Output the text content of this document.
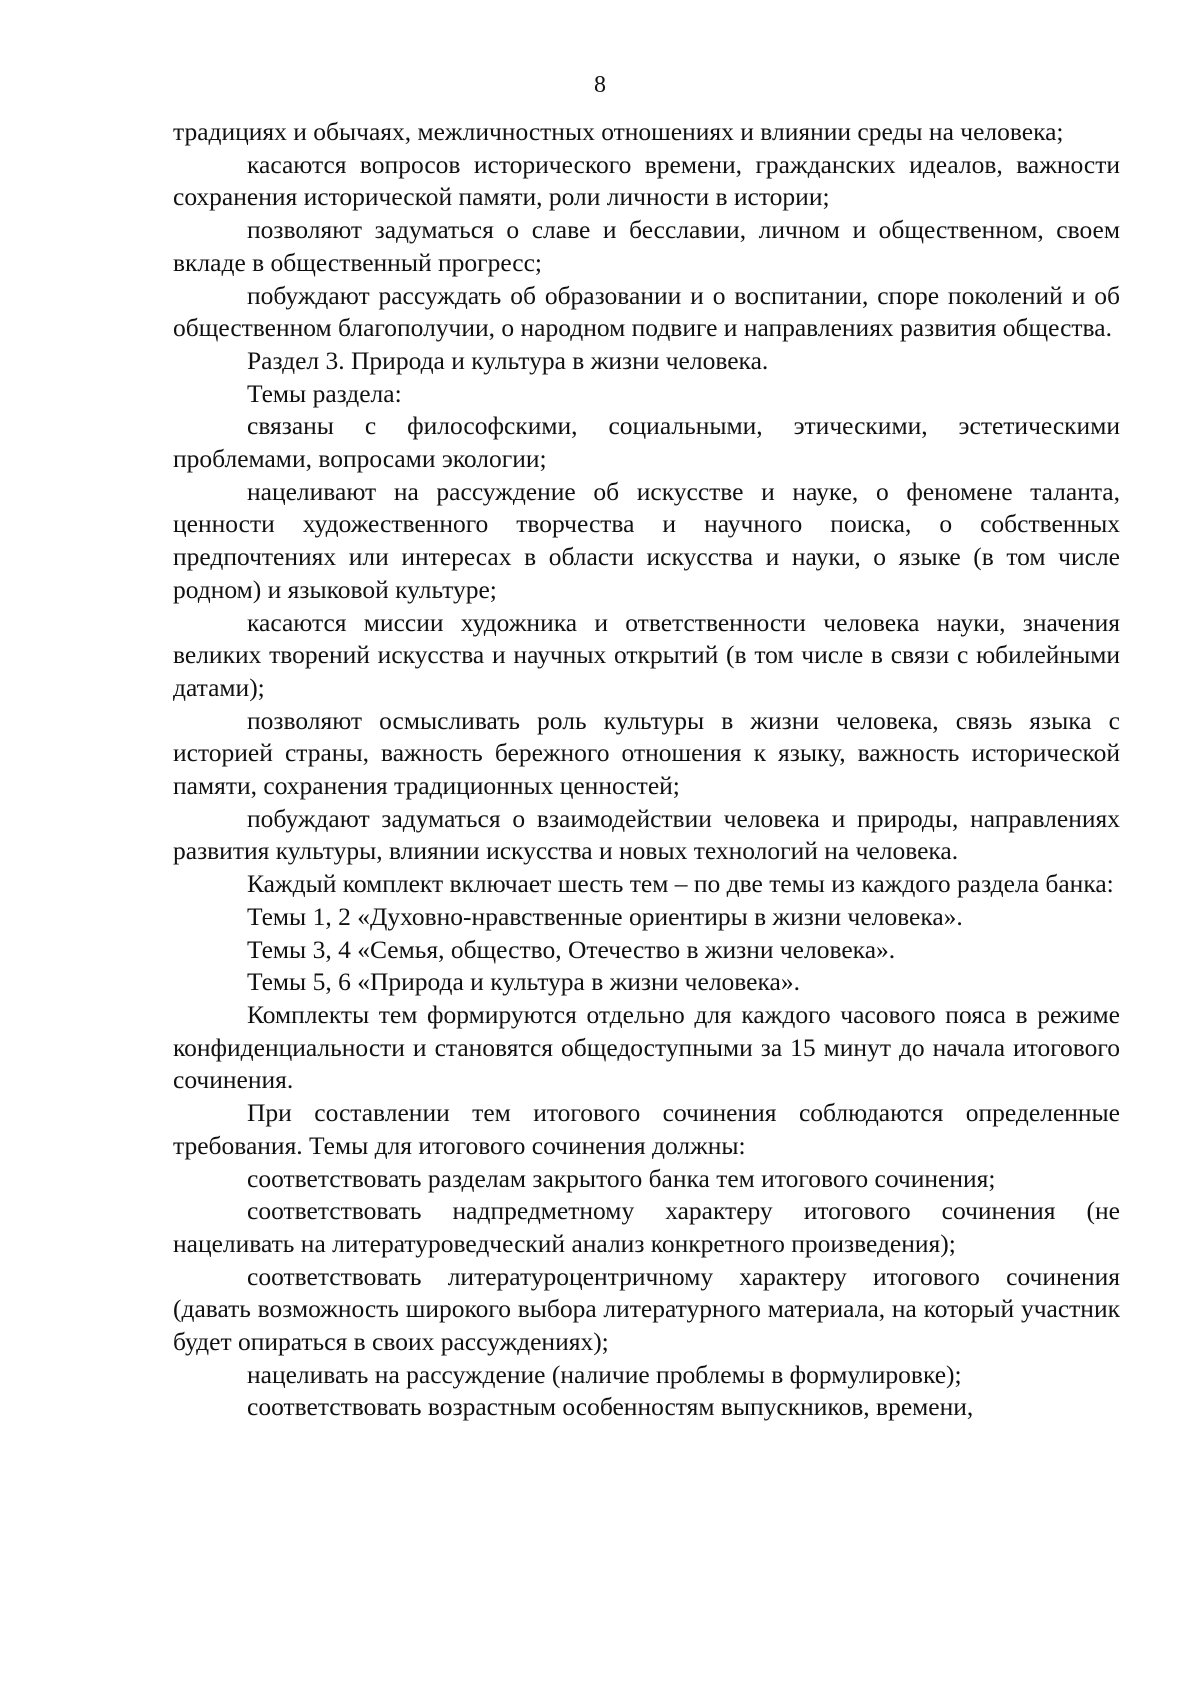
8

традициях и обычаях, межличностных отношениях и влиянии среды на человека;

касаются вопросов исторического времени, гражданских идеалов, важности сохранения исторической памяти, роли личности в истории;

позволяют задуматься о славе и бесславии, личном и общественном, своем вкладе в общественный прогресс;

побуждают рассуждать об образовании и о воспитании, споре поколений и об общественном благополучии, о народном подвиге и направлениях развития общества.

Раздел 3. Природа и культура в жизни человека.

Темы раздела:

связаны с философскими, социальными, этическими, эстетическими проблемами, вопросами экологии;

нацеливают на рассуждение об искусстве и науке, о феномене таланта, ценности художественного творчества и научного поиска, о собственных предпочтениях или интересах в области искусства и науки, о языке (в том числе родном) и языковой культуре;

касаются миссии художника и ответственности человека науки, значения великих творений искусства и научных открытий (в том числе в связи с юбилейными датами);

позволяют осмысливать роль культуры в жизни человека, связь языка с историей страны, важность бережного отношения к языку, важность исторической памяти, сохранения традиционных ценностей;

побуждают задуматься о взаимодействии человека и природы, направлениях развития культуры, влиянии искусства и новых технологий на человека.

Каждый комплект включает шесть тем – по две темы из каждого раздела банка:

Темы 1, 2 «Духовно-нравственные ориентиры в жизни человека».

Темы 3, 4 «Семья, общество, Отечество в жизни человека».

Темы 5, 6 «Природа и культура в жизни человека».

Комплекты тем формируются отдельно для каждого часового пояса в режиме конфиденциальности и становятся общедоступными за 15 минут до начала итогового сочинения.

При составлении тем итогового сочинения соблюдаются определенные требования. Темы для итогового сочинения должны:

соответствовать разделам закрытого банка тем итогового сочинения;

соответствовать надпредметному характеру итогового сочинения (не нацеливать на литературоведческий анализ конкретного произведения);

соответствовать литературоцентричному характеру итогового сочинения (давать возможность широкого выбора литературного материала, на который участник будет опираться в своих рассуждениях);

нацеливать на рассуждение (наличие проблемы в формулировке);

соответствовать возрастным особенностям выпускников, времени,
